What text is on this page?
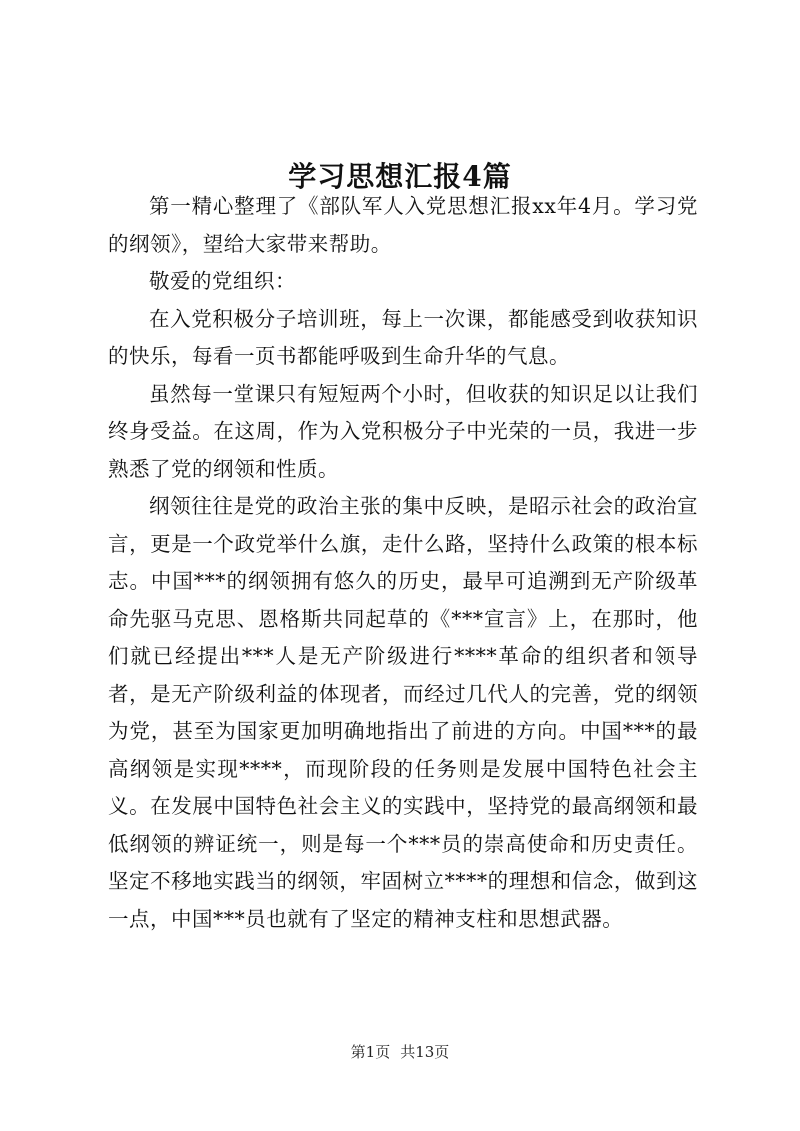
学习思想汇报4篇

第一精心整理了《部队军人入党思想汇报xx年4月。学习党的纲领》，望给大家带来帮助。

敬爱的党组织：

在入党积极分子培训班，每上一次课，都能感受到收获知识的快乐，每看一页书都能呼吸到生命升华的气息。

虽然每一堂课只有短短两个小时，但收获的知识足以让我们终身受益。在这周，作为入党积极分子中光荣的一员，我进一步熟悉了党的纲领和性质。

纲领往往是党的政治主张的集中反映，是昭示社会的政治宣言，更是一个政党举什么旗，走什么路，坚持什么政策的根本标志。中国***的纲领拥有悠久的历史，最早可追溯到无产阶级革命先驱马克思、恩格斯共同起草的《***宣言》上，在那时，他们就已经提出***人是无产阶级进行****革命的组织者和领导者，是无产阶级利益的体现者，而经过几代人的完善，党的纲领为党，甚至为国家更加明确地指出了前进的方向。中国***的最高纲领是实现****，而现阶段的任务则是发展中国特色社会主义。在发展中国特色社会主义的实践中，坚持党的最高纲领和最低纲领的辨证统一，则是每一个***员的崇高使命和历史责任。坚定不移地实践当的纲领，牢固树立****的理想和信念，做到这一点，中国***员也就有了坚定的精神支柱和思想武器。

第1页 共13页
